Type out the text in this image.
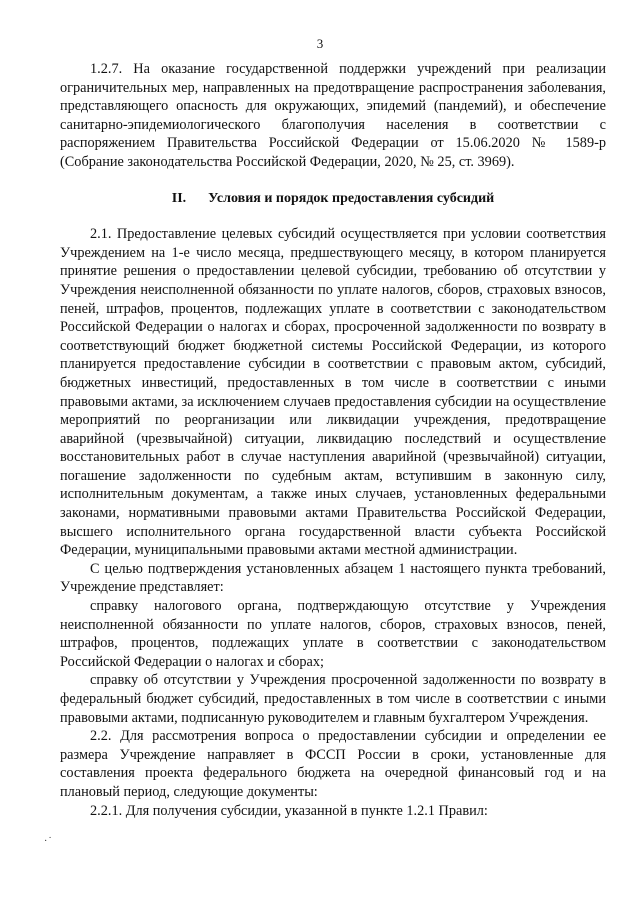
3

1.2.7. На оказание государственной поддержки учреждений при реализации ограничительных мер, направленных на предотвращение распространения заболевания, представляющего опасность для окружающих, эпидемий (пандемий), и обеспечение санитарно-эпидемиологического благополучия населения в соответствии с распоряжением Правительства Российской Федерации от 15.06.2020 № 1589-р (Собрание законодательства Российской Федерации, 2020, № 25, ст. 3969).

II. Условия и порядок предоставления субсидий

2.1. Предоставление целевых субсидий осуществляется при условии соответствия Учреждением на 1-е число месяца, предшествующего месяцу, в котором планируется принятие решения о предоставлении целевой субсидии, требованию об отсутствии у Учреждения неисполненной обязанности по уплате налогов, сборов, страховых взносов, пеней, штрафов, процентов, подлежащих уплате в соответствии с законодательством Российской Федерации о налогах и сборах, просроченной задолженности по возврату в соответствующий бюджет бюджетной системы Российской Федерации, из которого планируется предоставление субсидии в соответствии с правовым актом, субсидий, бюджетных инвестиций, предоставленных в том числе в соответствии с иными правовыми актами, за исключением случаев предоставления субсидии на осуществление мероприятий по реорганизации или ликвидации учреждения, предотвращение аварийной (чрезвычайной) ситуации, ликвидацию последствий и осуществление восстановительных работ в случае наступления аварийной (чрезвычайной) ситуации, погашение задолженности по судебным актам, вступившим в законную силу, исполнительным документам, а также иных случаев, установленных федеральными законами, нормативными правовыми актами Правительства Российской Федерации, высшего исполнительного органа государственной власти субъекта Российской Федерации, муниципальными правовыми актами местной администрации.

С целью подтверждения установленных абзацем 1 настоящего пункта требований, Учреждение представляет:

справку налогового органа, подтверждающую отсутствие у Учреждения неисполненной обязанности по уплате налогов, сборов, страховых взносов, пеней, штрафов, процентов, подлежащих уплате в соответствии с законодательством Российской Федерации о налогах и сборах;

справку об отсутствии у Учреждения просроченной задолженности по возврату в федеральный бюджет субсидий, предоставленных в том числе в соответствии с иными правовыми актами, подписанную руководителем и главным бухгалтером Учреждения.

2.2. Для рассмотрения вопроса о предоставлении субсидии и определении ее размера Учреждение направляет в ФССП России в сроки, установленные для составления проекта федерального бюджета на очередной финансовый год и на плановый период, следующие документы:

2.2.1. Для получения субсидии, указанной в пункте 1.2.1 Правил:

·˙
